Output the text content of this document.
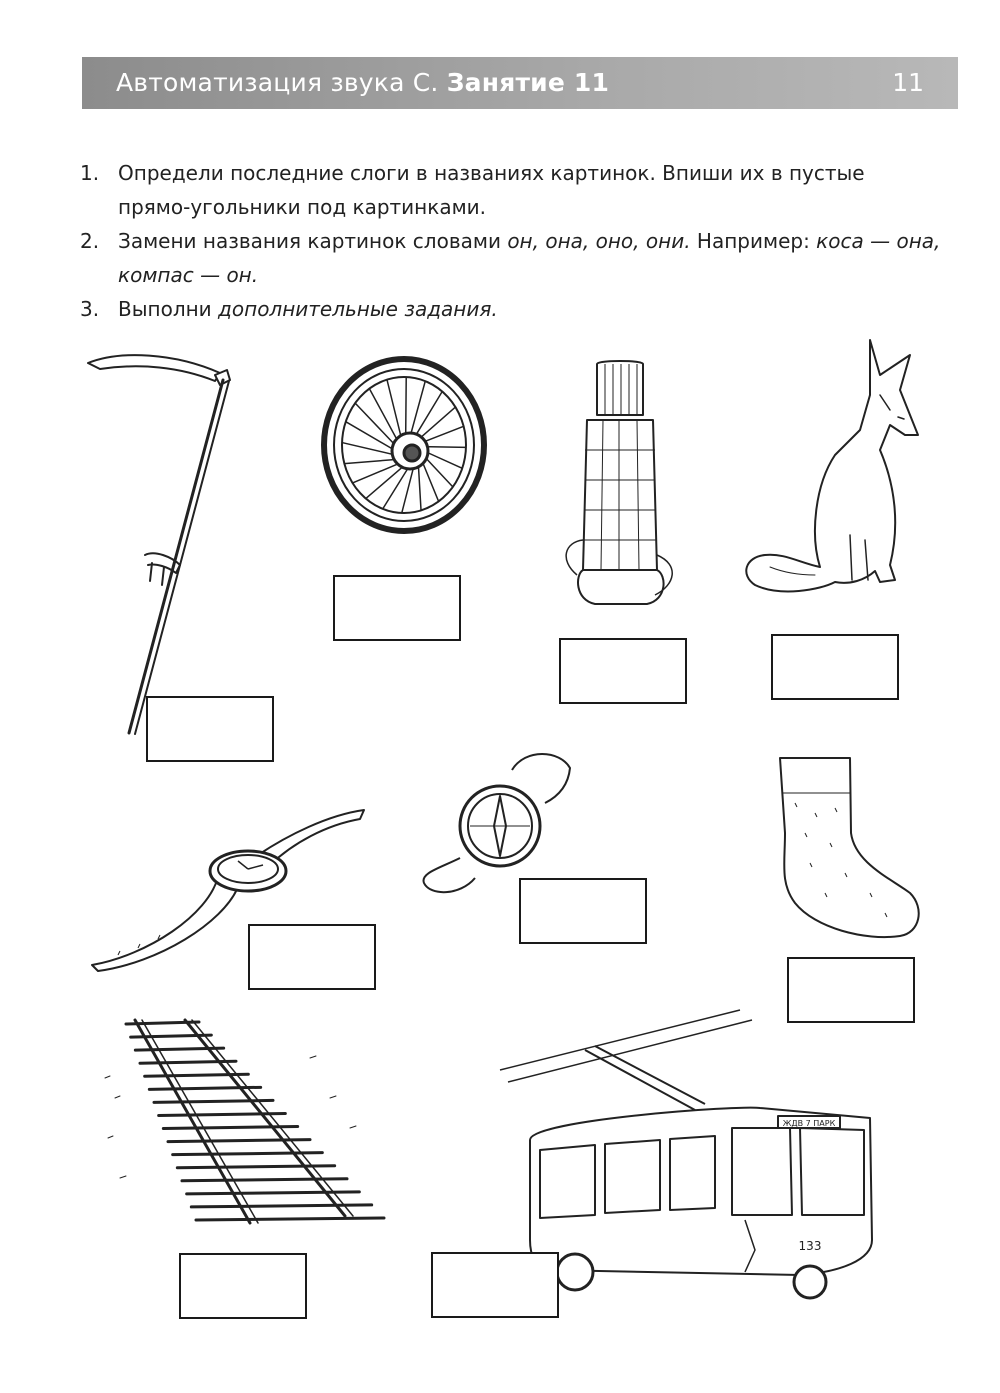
Автоматизация звука С. Занятие 11	11
1. Определи последние слоги в названиях картинок. Впиши их в пустые прямо-угольники под картинками.
2. Замени названия картинок словами он, она, оно, они. Например: коса — она, компас — он.
3. Выполни дополнительные задания.
ЖДВ 7 ПАРК
133
